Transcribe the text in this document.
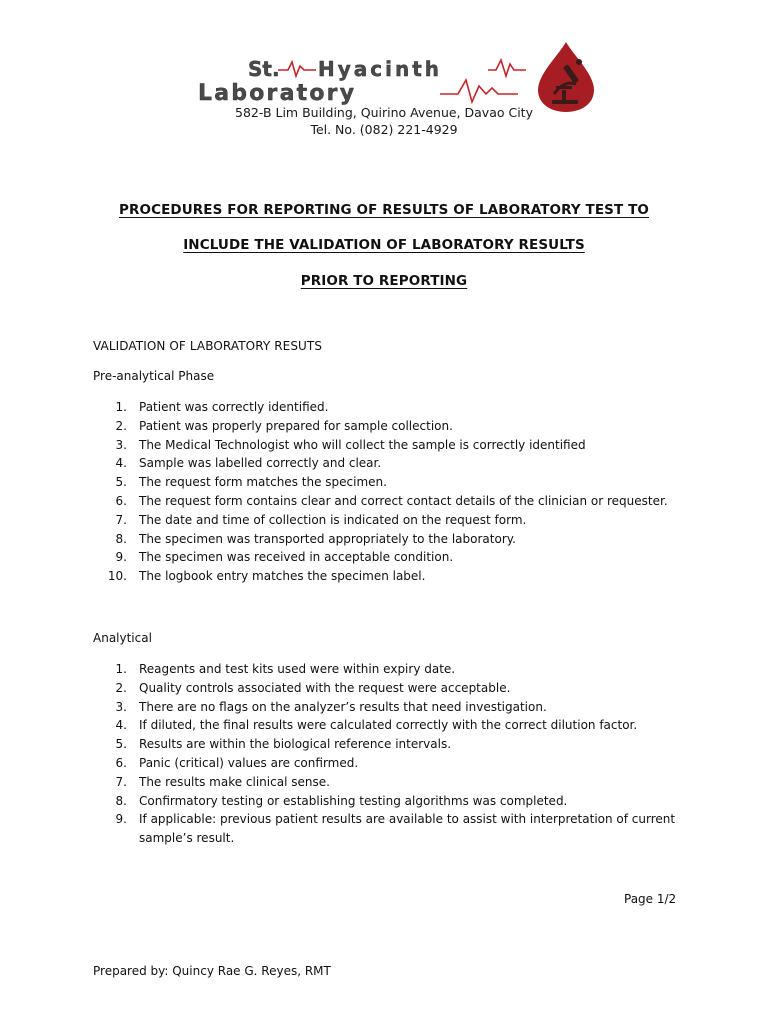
St. Hyacinth
Laboratory
582-B Lim Building, Quirino Avenue, Davao City
Tel. No. (082) 221-4929
PROCEDURES FOR REPORTING OF RESULTS OF LABORATORY TEST TO
INCLUDE THE VALIDATION OF LABORATORY RESULTS
PRIOR TO REPORTING
VALIDATION OF LABORATORY RESUTS
Pre-analytical Phase
1. Patient was correctly identified.
2. Patient was properly prepared for sample collection.
3. The Medical Technologist who will collect the sample is correctly identified
4. Sample was labelled correctly and clear.
5. The request form matches the specimen.
6. The request form contains clear and correct contact details of the clinician or requester.
7. The date and time of collection is indicated on the request form.
8. The specimen was transported appropriately to the laboratory.
9. The specimen was received in acceptable condition.
10. The logbook entry matches the specimen label.
Analytical
1. Reagents and test kits used were within expiry date.
2. Quality controls associated with the request were acceptable.
3. There are no flags on the analyzer’s results that need investigation.
4. If diluted, the final results were calculated correctly with the correct dilution factor.
5. Results are within the biological reference intervals.
6. Panic (critical) values are confirmed.
7. The results make clinical sense.
8. Confirmatory testing or establishing testing algorithms was completed.
9. If applicable: previous patient results are available to assist with interpretation of current sample’s result.
Page 1/2
Prepared by: Quincy Rae G. Reyes, RMT
